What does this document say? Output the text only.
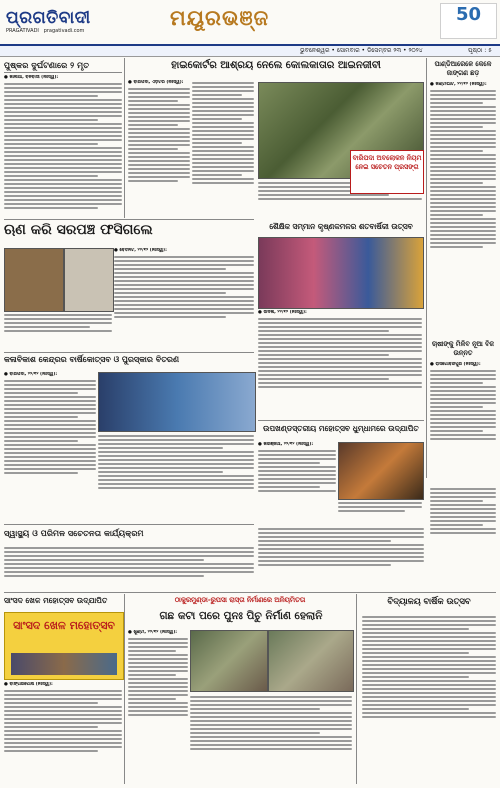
ପ୍ରଗତିବାଦୀ
PRAGATIVADI pragativadi.com
ମୟୂରଭଞ୍ଜ	50
ଭୁବନେଶ୍ୱର • ସୋମବାର • ଡିସେମ୍ବର ୨୩ • ୨୦୨୪	ପୃଷ୍ଠା : ୫
ପୁଷ୍କର ଦୁର୍ଘଟଣାରେ ୨ ମୃତ
● କାଲିଆ, ବନବାସୀ (ନିଃସ୍ୱ):
ହାଇକୋର୍ଟର ଆଶ୍ରୟ ନେଲେ କୋଲକାତାର ଆଇନଜୀବୀ
● ବାରିପଦା, ଏଡ଼ିଟର (ନିଃସ୍ୱ):
ପାଣ୍ଡିଆରେଳେ କେଳେ ଜାଙ୍ଗଣ ଛଡ଼
● କଣ୍ଟାଘାଟି, ୨୨/୧୨ (ନିଃସ୍ୱ):
ବାରିପଦା ଅବଲୋକନ ନିୟମ ନେଇ ସଚେତନ ପ୍ରସଙ୍ଗ
ଋଣ କରି ସରପଞ୍ଚ ଫସିଗଲେ
● ବେତନଟି, ୨୨/୧୨ (ନିଃସ୍ୱ):
ଶୈକ୍ଷିକ ସମ୍ମାନ କୃଷ୍ଣକମଳର ଶତବାର୍ଷିକୀ ଉତ୍ସବ
● ଉଦଳା, ୨୨/୧୨ (ନିଃସ୍ୱ):
ଚାଷୀଙ୍କୁ ମିଳିବ ନୂଆ ବିଜ ଉନ୍ନତ
● ରାସଗୋବିନ୍ଦପୁର (ନିଃସ୍ୱ):
କଳାବିକାଶ କେନ୍ଦ୍ରର ବାର୍ଷିକୋତ୍ସବ ଓ ପୁରସ୍କାର ବିତରଣ
● ବାରିପଦା, ୨୨/୧୨ (ନିଃସ୍ୱ):
ଉପଖଣ୍ଡସ୍ତରୀୟ ମହୋତ୍ସବ ଧୁମ୍‌ଧାମରେ ଉଦ୍‌ଯାପିତ
● କରଞ୍ଜିଆ, ୨୨/୧୨ (ନିଃସ୍ୱ):
ସ୍ୱାସ୍ଥ୍ୟ ଓ ପରିମଳ ସଚେତନତା କାର୍ଯ୍ୟକ୍ରମ
ସାଂସଦ ଖେଳ ମହୋତ୍ସବ ଉଦ୍‌ଯାପିତ
ସାଂସଦ ଖେଳ ମହୋତ୍ସବ
● ବାଙ୍ଗିରିପୋଷି (ନିଃସ୍ୱ):
ଠାକୁରମୁଣ୍ଡା-ରୁପସା ରାସ୍ତା ନିର୍ମାଣରେ ଅନିୟମିତତା
ଗଛ କଟା ପରେ ପୁନଃ ପିଚୁ ନିର୍ମାଣ ହେଲାନି
● ଖୁଣ୍ଟା, ୨୨/୧୨ (ନିଃସ୍ୱ):
ବିଦ୍ୟାଳୟ ବାର୍ଷିକ ଉତ୍ସବ
